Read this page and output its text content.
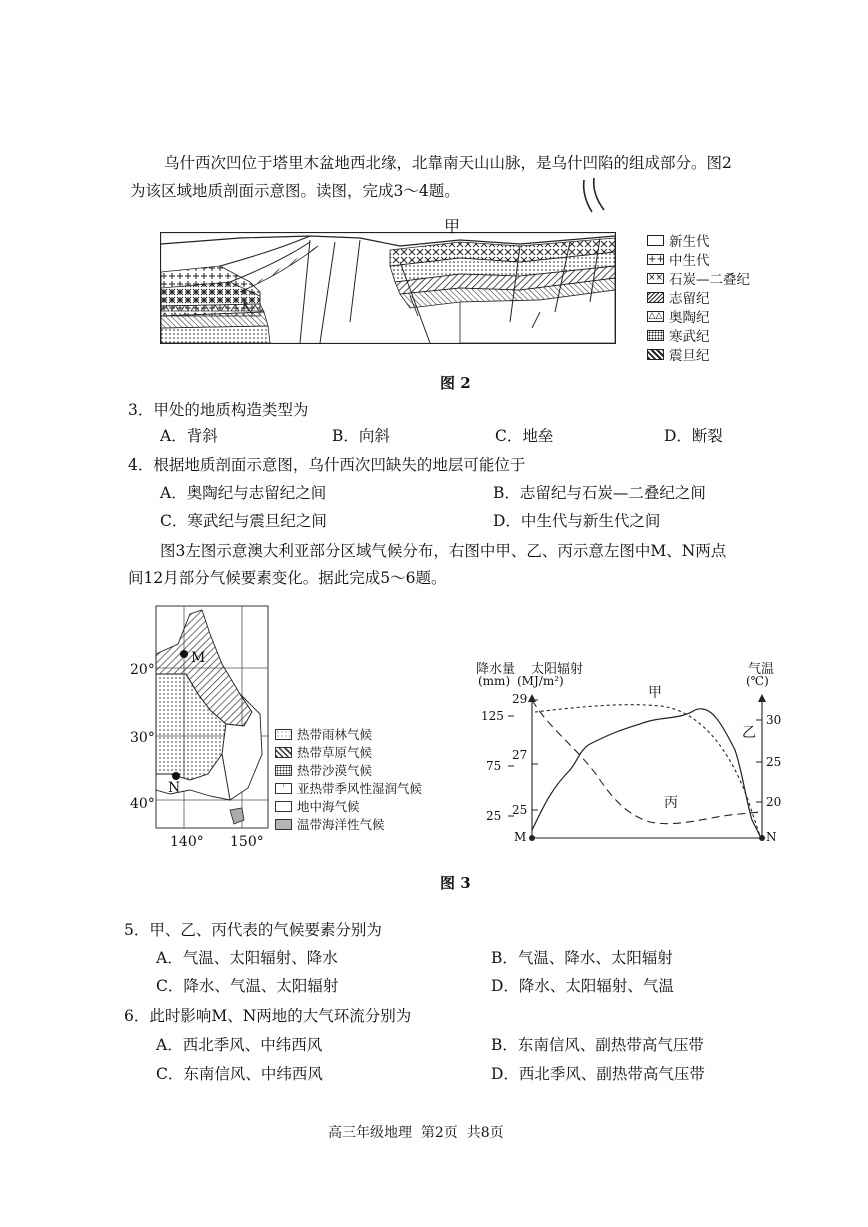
乌什西次凹位于塔里木盆地西北缘，北靠南天山山脉，是乌什凹陷的组成部分。图2
为该区域地质剖面示意图。读图，完成3～4题。
甲
新生代
++ 中生代
×× 石炭—二叠纪
志留纪
△△ 奥陶纪
寒武纪
震旦纪
图 2
3．甲处的地质构造类型为
A．背斜	B．向斜	C．地垒	D．断裂
4．根据地质剖面示意图，乌什西次凹缺失的地层可能位于
A．奥陶纪与志留纪之间	B．志留纪与石炭—二叠纪之间
C．寒武纪与震旦纪之间	D．中生代与新生代之间
图3左图示意澳大利亚部分区域气候分布，右图中甲、乙、丙示意左图中M、N两点
间12月部分气候要素变化。据此完成5～6题。
M
N
20°
30°
40°
140° 150°
热带雨林气候
热带草原气候
热带沙漠气候
ˈ 亚热带季风性湿润气候
地中海气候
温带海洋性气候
降水量 太阳辐射
(mm) (MJ/m²)
气温
(℃)
125
75
25
29
27
25
30
25
20
M	N
甲
乙
丙
图 3
5．甲、乙、丙代表的气候要素分别为
A．气温、太阳辐射、降水	B．气温、降水、太阳辐射
C．降水、气温、太阳辐射	D．降水、太阳辐射、气温
6．此时影响M、N两地的大气环流分别为
A．西北季风、中纬西风	B．东南信风、副热带高气压带
C．东南信风、中纬西风	D．西北季风、副热带高气压带
高三年级地理  第2页  共8页
